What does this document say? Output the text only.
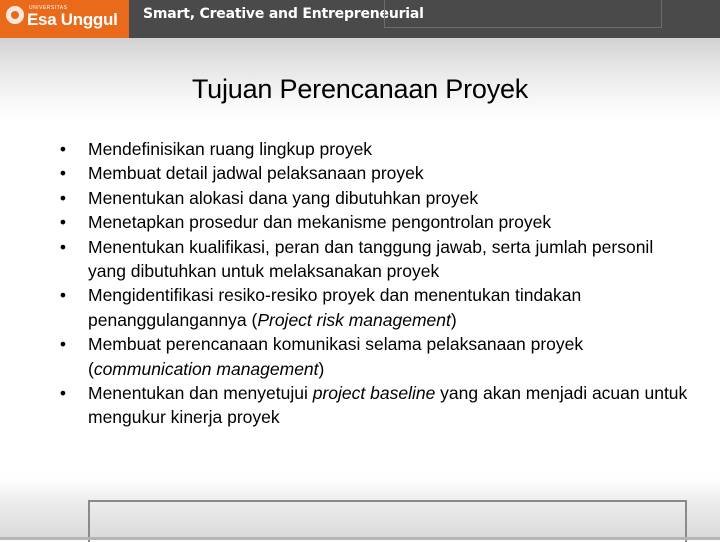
UNIVERSITAS
Esa Unggul Smart, Creative and Entrepreneurial
Tujuan Perencanaan Proyek
• Mendefinisikan ruang lingkup proyek
• Membuat detail jadwal pelaksanaan proyek
• Menentukan alokasi dana yang dibutuhkan proyek
• Menetapkan prosedur dan mekanisme pengontrolan proyek
• Menentukan kualifikasi, peran dan tanggung jawab, serta jumlah personil yang dibutuhkan untuk melaksanakan proyek
• Mengidentifikasi resiko-resiko proyek dan menentukan tindakan penanggulangannya (Project risk management)
• Membuat perencanaan komunikasi selama pelaksanaan proyek (communication management)
• Menentukan dan menyetujui project baseline yang akan menjadi acuan untuk mengukur kinerja proyek
